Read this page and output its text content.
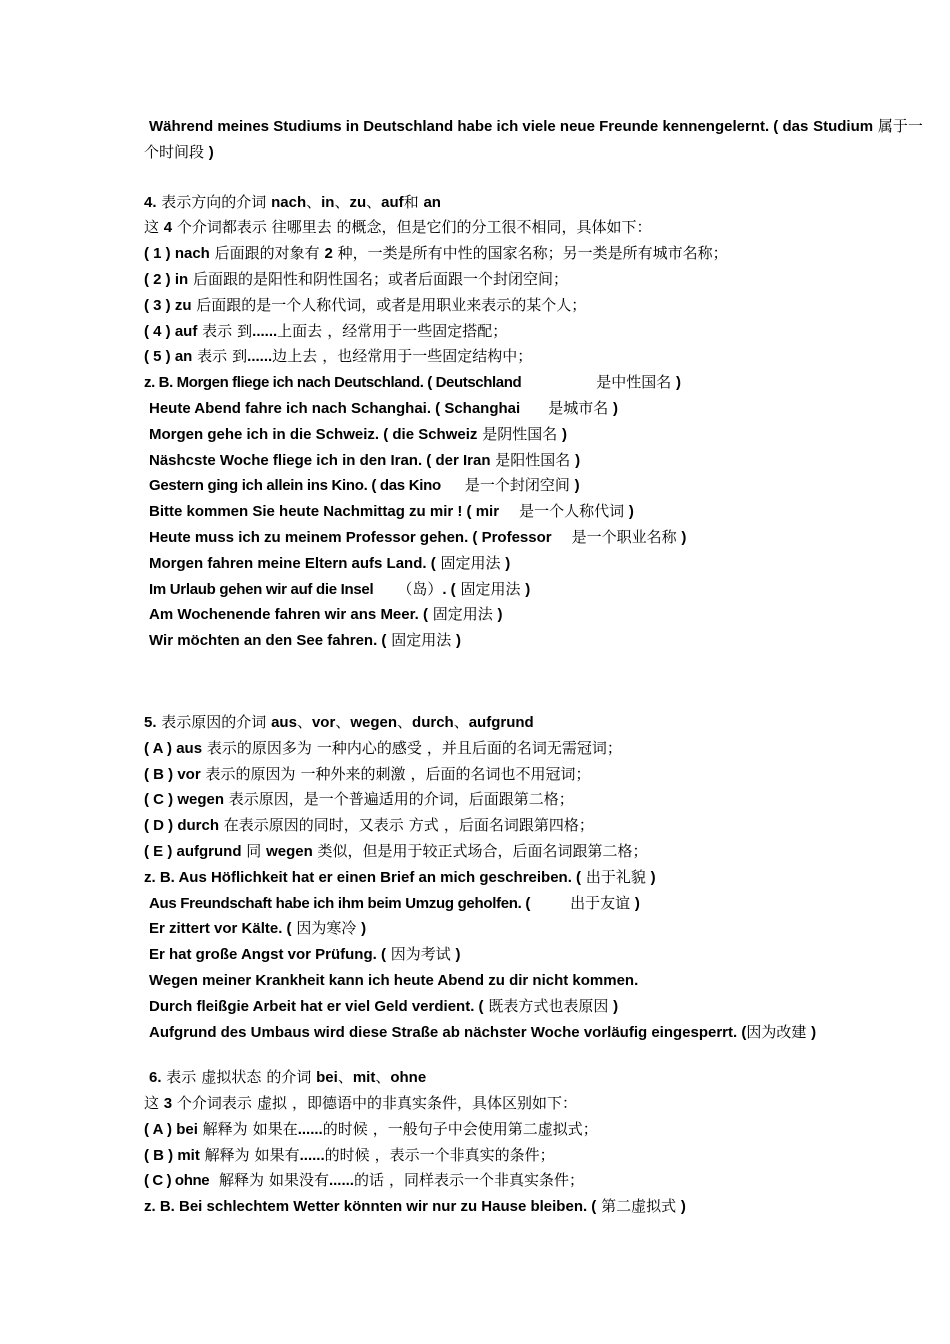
Während meines Studiums in Deutschland habe ich viele neue Freunde kennengelernt. ( das Studium 属于一个时间段 )
4. 表示方向的介词 nach、in、zu、auf和 an
这 4 个介词都表示 往哪里去 的概念，但是它们的分工很不相同，具体如下：
( 1 ) nach 后面跟的对象有 2 种，一类是所有中性的国家名称；另一类是所有城市名称；
( 2 ) in 后面跟的是阳性和阴性国名；或者后面跟一个封闭空间；
( 3 ) zu 后面跟的是一个人称代词，或者是用职业来表示的某个人；
( 4 ) auf 表示 到......上面去 ，经常用于一些固定搭配；
( 5 ) an 表示 到......边上去 ，也经常用于一些固定结构中；
z. B. Morgen fliege ich nach Deutschland. ( Deutschland	是中性国名 )
Heute Abend fahre ich nach Schanghai. ( Schanghai 是城市名 )
Morgen gehe ich in die Schweiz. ( die Schweiz 是阴性国名 )
Näshcste Woche fliege ich in den Iran. ( der Iran 是阳性国名 )
Gestern ging ich allein ins Kino. ( das Kino 是一个封闭空间 )
Bitte kommen Sie heute Nachmittag zu mir ! ( mir 是一个人称代词 )
Heute muss ich zu meinem Professor gehen. ( Professor 是一个职业名称 )
Morgen fahren meine Eltern aufs Land. ( 固定用法 )
Im Urlaub gehen wir auf die Insel （岛）. ( 固定用法 )
Am Wochenende fahren wir ans Meer. ( 固定用法 )
Wir möchten an den See fahren. ( 固定用法 )
5. 表示原因的介词 aus、vor、wegen、durch、aufgrund
( A ) aus 表示的原因多为 一种内心的感受 ，并且后面的名词无需冠词；
( B ) vor 表示的原因为 一种外来的刺激 ，后面的名词也不用冠词；
( C ) wegen 表示原因，是一个普遍适用的介词，后面跟第二格；
( D ) durch 在表示原因的同时，又表示 方式 ，后面名词跟第四格；
( E ) aufgrund 同 wegen 类似，但是用于较正式场合，后面名词跟第二格；
z. B. Aus Höflichkeit hat er einen Brief an mich geschreiben. ( 出于礼貌 )
Aus Freundschaft habe ich ihm beim Umzug geholfen. (	出于友谊 )
Er zittert vor Kälte. ( 因为寒冷 )
Er hat große Angst vor Prüfung. ( 因为考试 )
Wegen meiner Krankheit kann ich heute Abend zu dir nicht kommen.
Durch fleißgie Arbeit hat er viel Geld verdient. ( 既表方式也表原因 )
Aufgrund des Umbaus wird diese Straße ab nächster Woche vorläufig eingesperrt. (因为改建 )
6. 表示 虚拟状态 的介词 bei、mit、ohne
这 3 个介词表示 虚拟 ，即德语中的非真实条件，具体区别如下：
( A ) bei 解释为 如果在......的时候 ，一般句子中会使用第二虚拟式；
( B ) mit 解释为 如果有......的时候 ，表示一个非真实的条件；
( C ) ohne 解释为 如果没有......的话 ，同样表示一个非真实条件；
z. B. Bei schlechtem Wetter könnten wir nur zu Hause bleiben. ( 第二虚拟式 )
